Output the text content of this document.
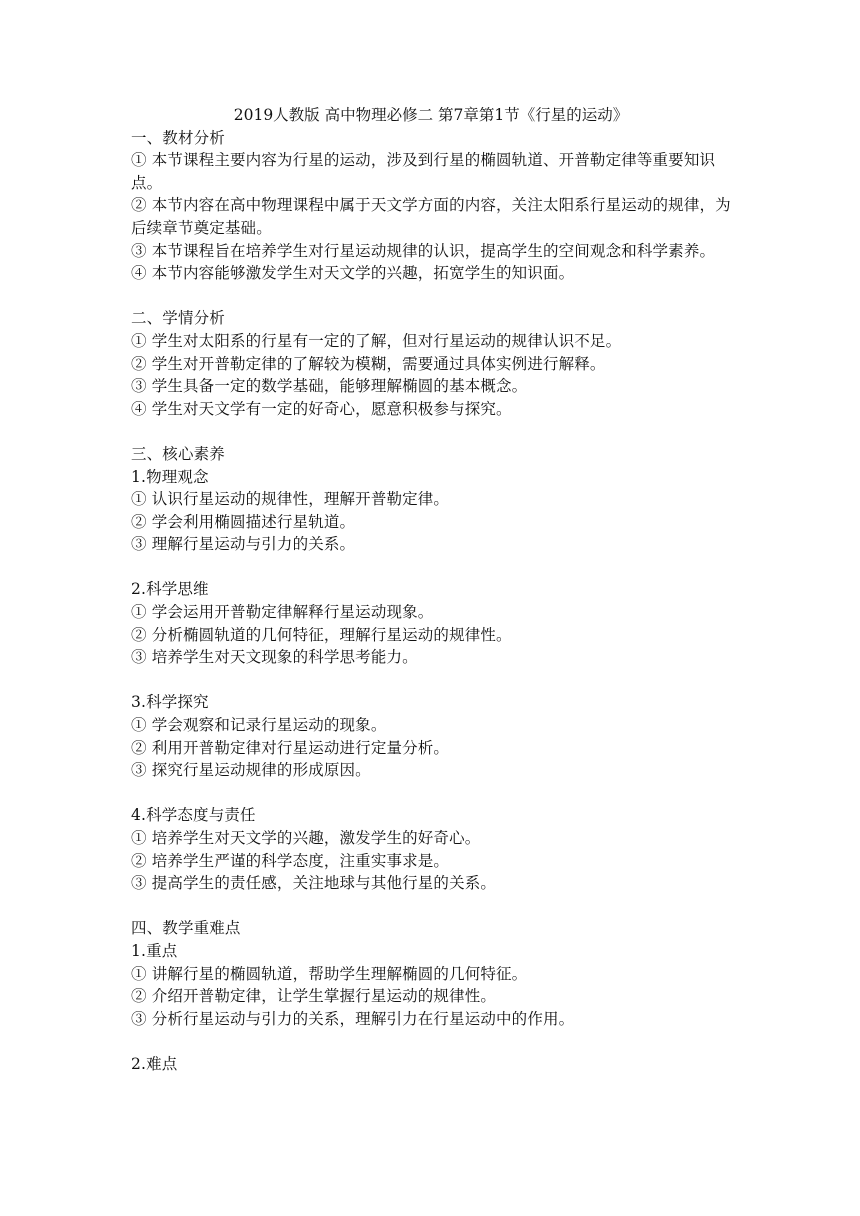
2019人教版 高中物理必修二 第7章第1节《行星的运动》
一、教材分析
① 本节课程主要内容为行星的运动，涉及到行星的椭圆轨道、开普勒定律等重要知识点。
② 本节内容在高中物理课程中属于天文学方面的内容，关注太阳系行星运动的规律，为后续章节奠定基础。
③ 本节课程旨在培养学生对行星运动规律的认识，提高学生的空间观念和科学素养。
④ 本节内容能够激发学生对天文学的兴趣，拓宽学生的知识面。
二、学情分析
① 学生对太阳系的行星有一定的了解，但对行星运动的规律认识不足。
② 学生对开普勒定律的了解较为模糊，需要通过具体实例进行解释。
③ 学生具备一定的数学基础，能够理解椭圆的基本概念。
④ 学生对天文学有一定的好奇心，愿意积极参与探究。
三、核心素养
1.物理观念
① 认识行星运动的规律性，理解开普勒定律。
② 学会利用椭圆描述行星轨道。
③ 理解行星运动与引力的关系。
2.科学思维
① 学会运用开普勒定律解释行星运动现象。
② 分析椭圆轨道的几何特征，理解行星运动的规律性。
③ 培养学生对天文现象的科学思考能力。
3.科学探究
① 学会观察和记录行星运动的现象。
② 利用开普勒定律对行星运动进行定量分析。
③ 探究行星运动规律的形成原因。
4.科学态度与责任
① 培养学生对天文学的兴趣，激发学生的好奇心。
② 培养学生严谨的科学态度，注重实事求是。
③ 提高学生的责任感，关注地球与其他行星的关系。
四、教学重难点
1.重点
① 讲解行星的椭圆轨道，帮助学生理解椭圆的几何特征。
② 介绍开普勒定律，让学生掌握行星运动的规律性。
③ 分析行星运动与引力的关系，理解引力在行星运动中的作用。
2.难点
